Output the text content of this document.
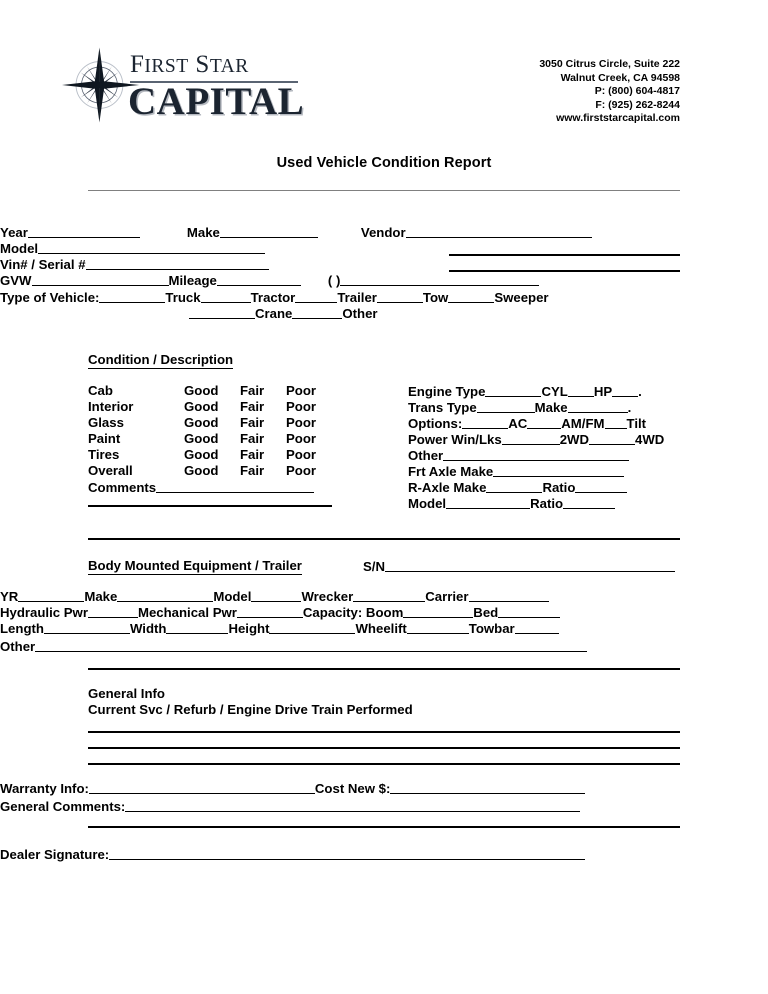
FIRST STAR
CAPITAL
3050 Citrus Circle, Suite 222
Walnut Creek, CA 94598
P: (800) 604-4817
F: (925) 262-8244
www.firststarcapital.com
Used Vehicle Condition Report
Year	Make	Vendor
Model
Vin# / Serial #
GVW	Mileage	( )
Type of Vehicle:	Truck	Tractor	Trailer	Tow	Sweeper
Crane	Other
Condition / Description
Cab	Good Fair Poor
Interior	Good Fair Poor
Glass	Good Fair Poor
Paint	Good Fair Poor
Tires	Good Fair Poor
Overall	Good Fair Poor
Comments
Engine Type	CYL HP .
Trans Type	Make	.
Options:	AC	AM/FM Tilt
Power Win/Lks	2WD	4WD
Other
Frt Axle Make
R-Axle Make	Ratio
Model	Ratio
Body Mounted Equipment / Trailer	S/N
YR	Make	Model	Wrecker	Carrier
Hydraulic Pwr	Mechanical Pwr	Capacity: Boom	Bed
Length	Width	Height	Wheelift	Towbar
Other
General Info
Current Svc / Refurb / Engine Drive Train Performed
Warranty Info:	Cost New $:
General Comments:
Dealer Signature:
